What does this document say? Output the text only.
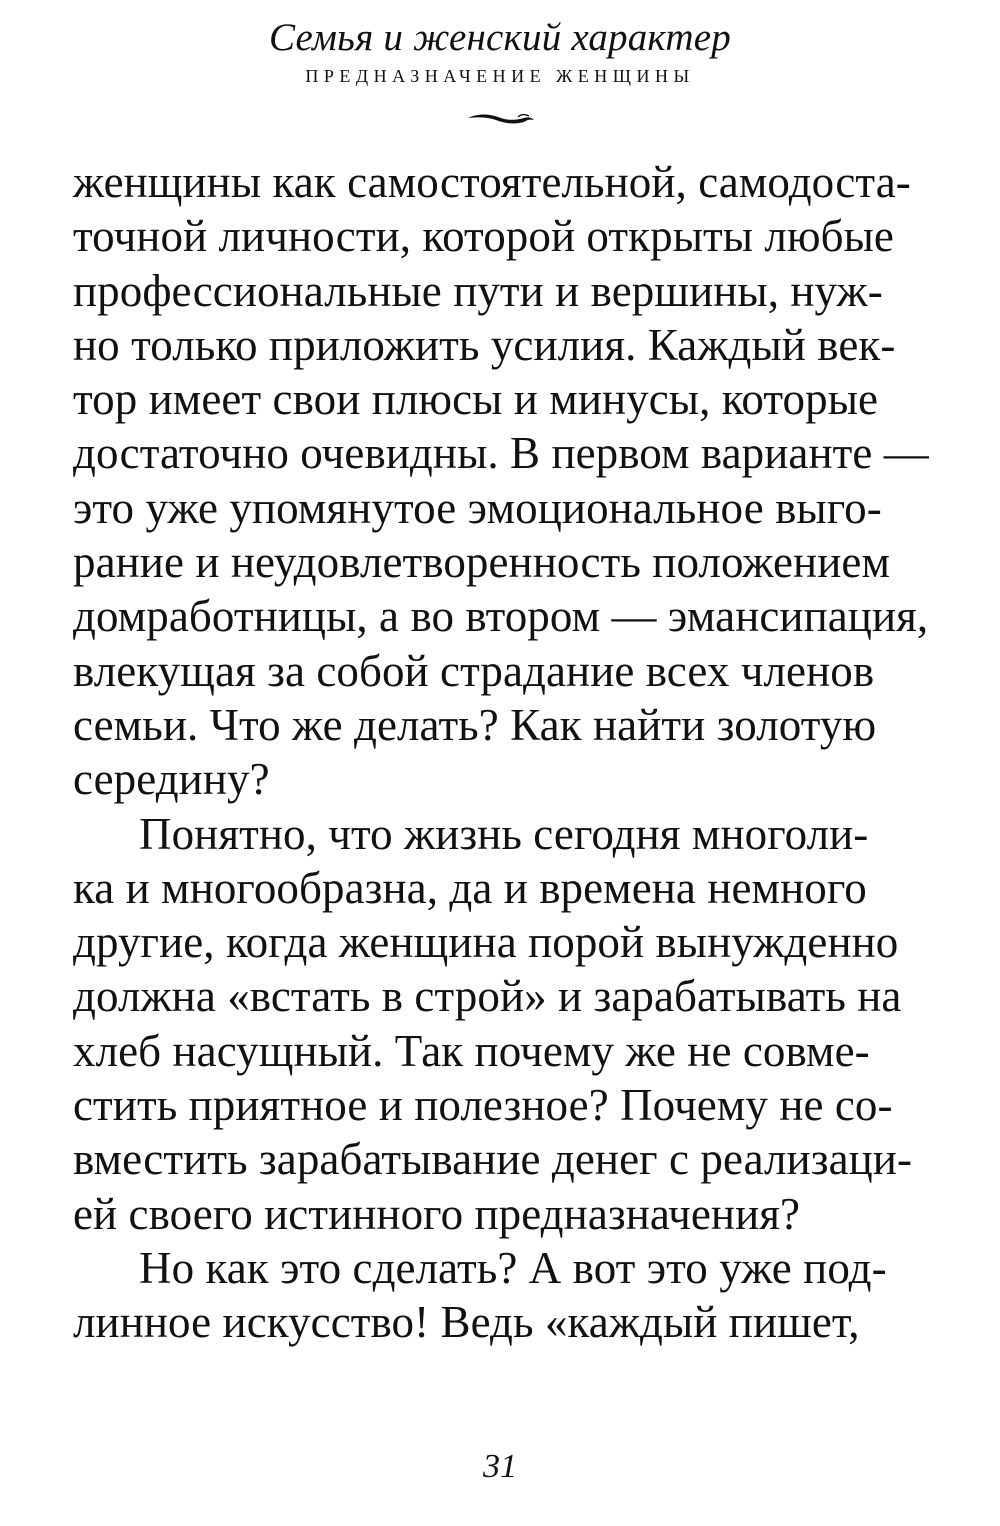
Семья и женский характер
ПРЕДНАЗНАЧЕНИЕ ЖЕНЩИНЫ
женщины как самостоятельной, самодоста-
точной личности, которой открыты любые
профессиональные пути и вершины, нуж-
но только приложить усилия. Каждый век-
тор имеет свои плюсы и минусы, которые
достаточно очевидны. В первом варианте —
это уже упомянутое эмоциональное выго-
рание и неудовлетворенность положением
домработницы, а во втором — эмансипация,
влекущая за собой страдание всех членов
семьи. Что же делать? Как найти золотую
середину?
Понятно, что жизнь сегодня многоли-
ка и многообразна, да и времена немного
другие, когда женщина порой вынужденно
должна «встать в строй» и зарабатывать на
хлеб насущный. Так почему же не совме-
стить приятное и полезное? Почему не со-
вместить зарабатывание денег с реализаци-
ей своего истинного предназначения?
Но как это сделать? А вот это уже под-
линное искусство! Ведь «каждый пишет,
31
